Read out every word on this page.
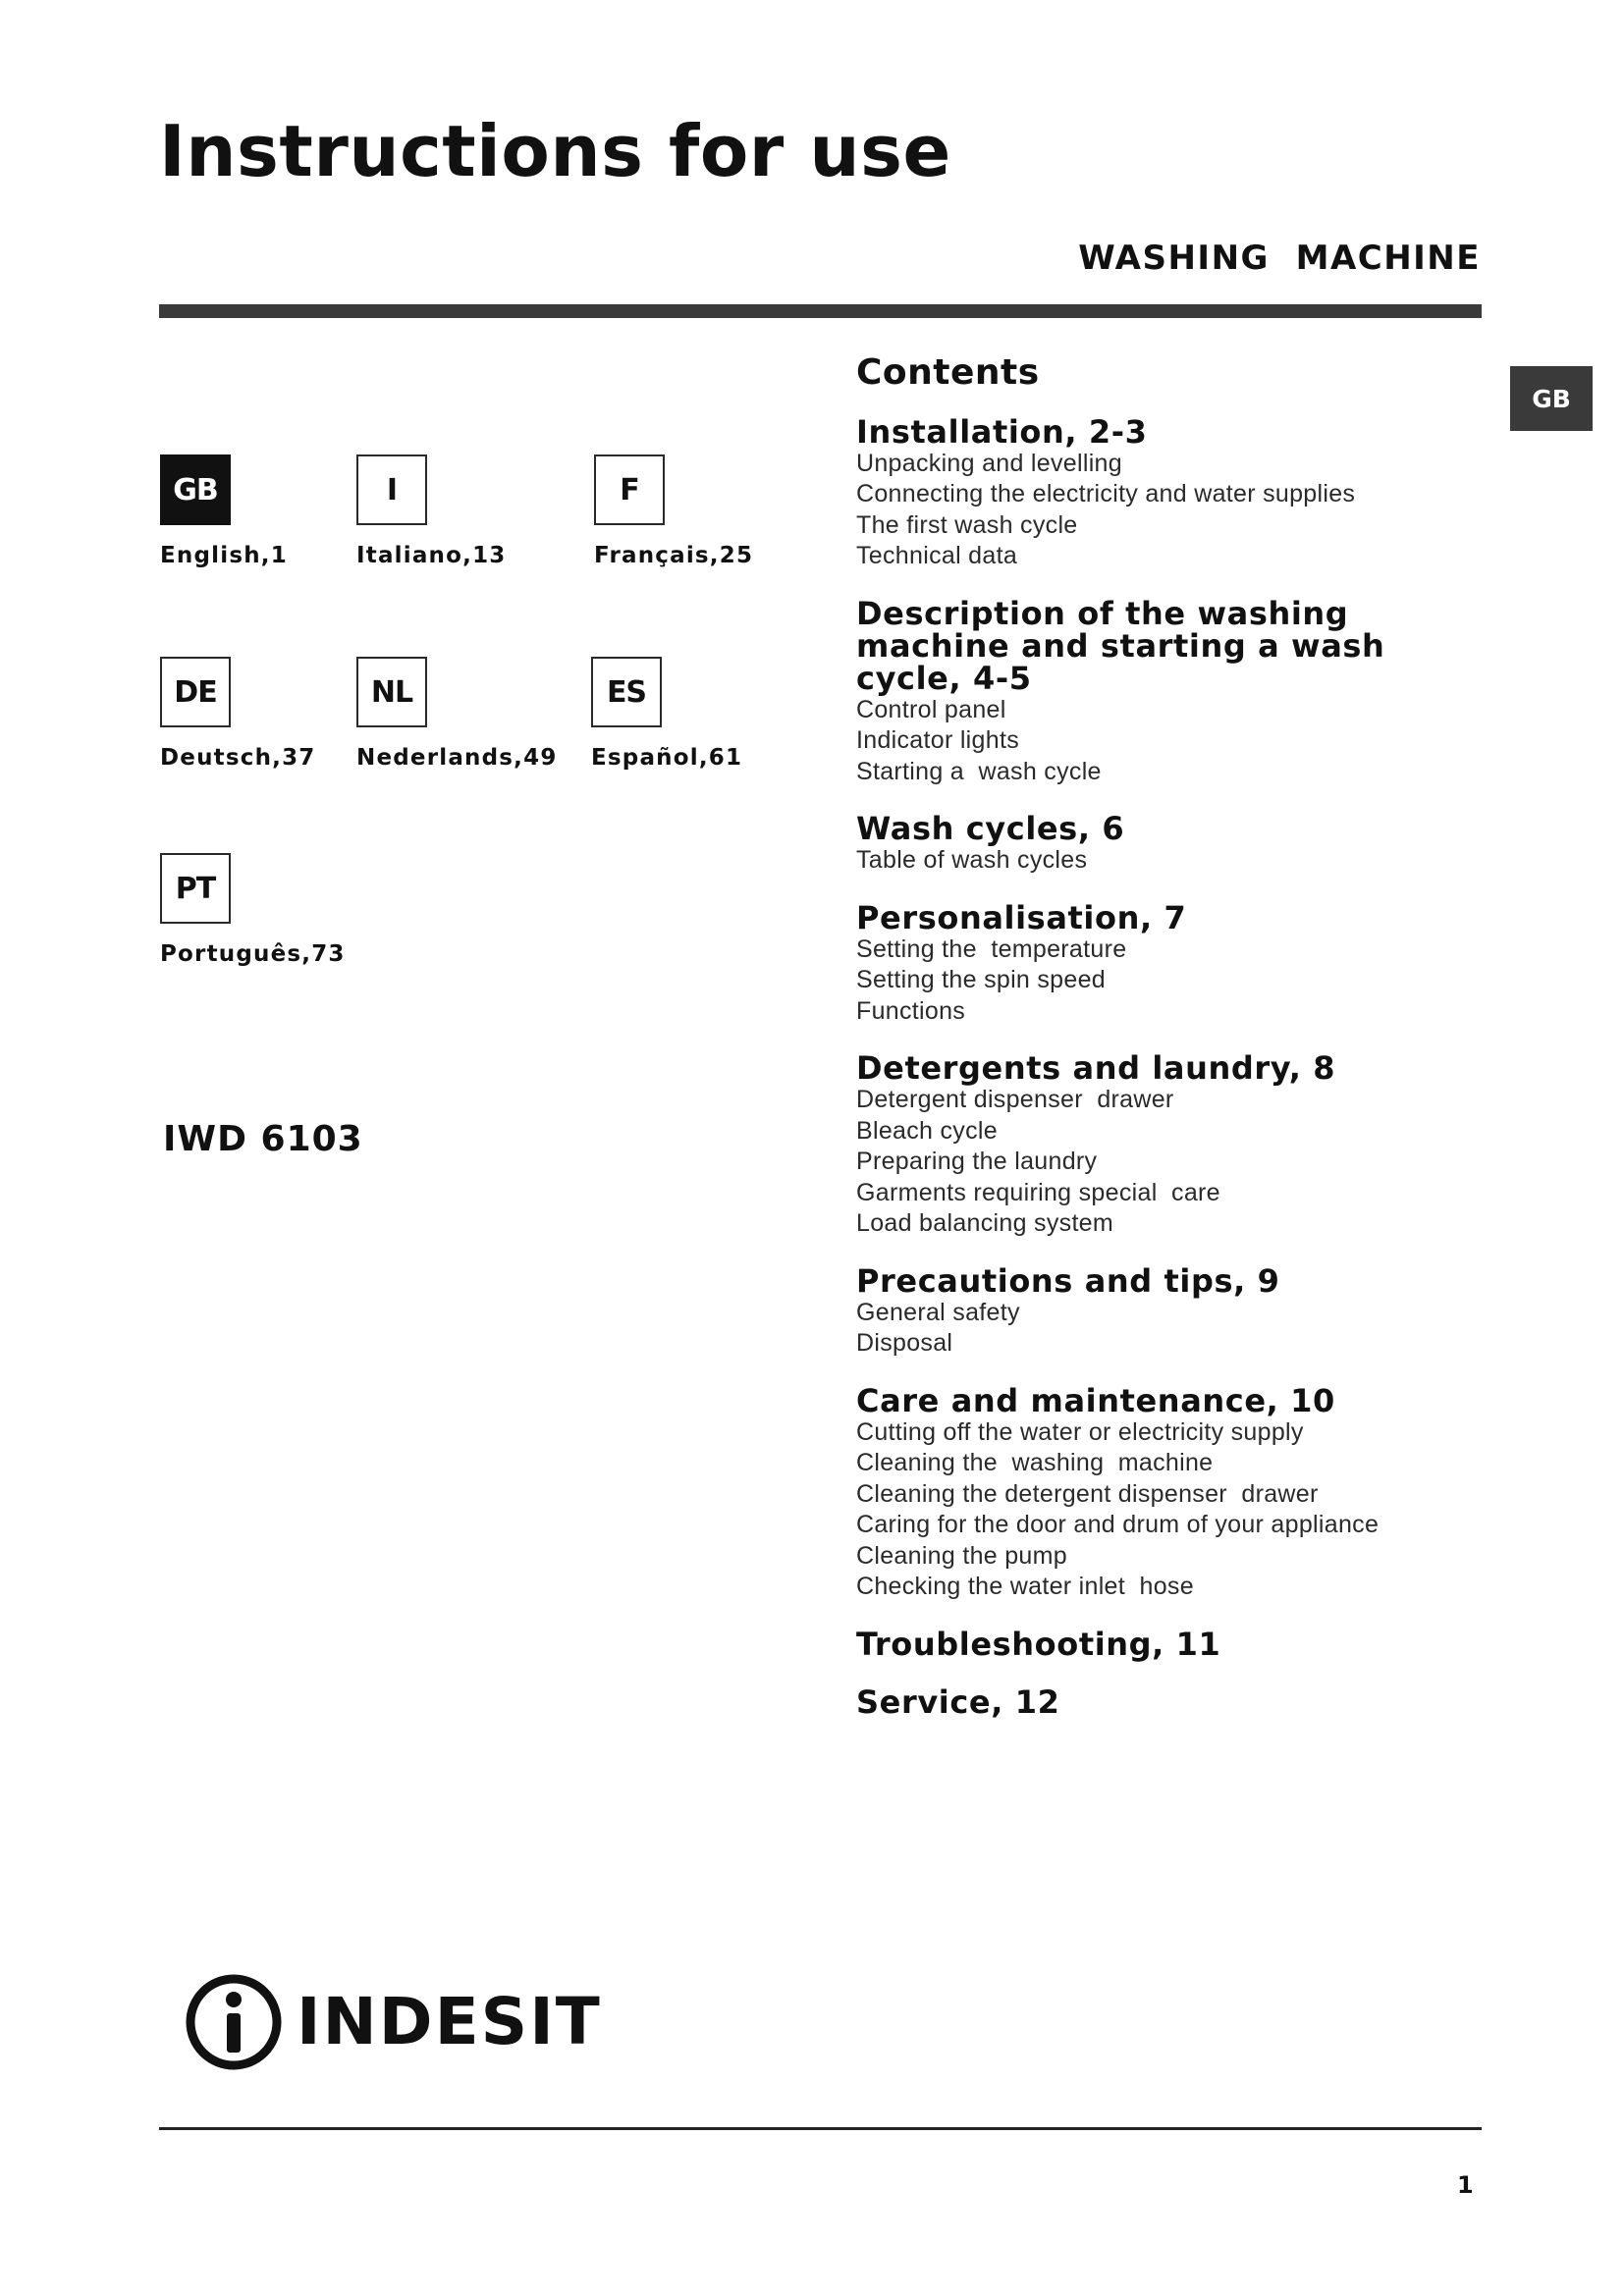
Instructions for use
WASHING  MACHINE
GB
GB
English,1
I
Italiano,13
F
Français,25
DE
Deutsch,37
NL
Nederlands,49
ES
Español,61
PT
Português,73
IWD 6103
Contents
Installation, 2-3
Unpacking and levelling
Connecting the electricity and water supplies
The first wash cycle
Technical data
Description of the washing machine and starting a wash cycle, 4-5
Control panel
Indicator lights
Starting a  wash cycle
Wash cycles, 6
Table of wash cycles
Personalisation, 7
Setting the  temperature
Setting the spin speed
Functions
Detergents and laundry, 8
Detergent dispenser  drawer
Bleach cycle
Preparing the laundry
Garments requiring special  care
Load balancing system
Precautions and tips, 9
General safety
Disposal
Care and maintenance, 10
Cutting off the water or electricity supply
Cleaning the  washing  machine
Cleaning the detergent dispenser  drawer
Caring for the door and drum of your appliance
Cleaning the pump
Checking the water inlet  hose
Troubleshooting, 11
Service, 12
INDESIT
1
